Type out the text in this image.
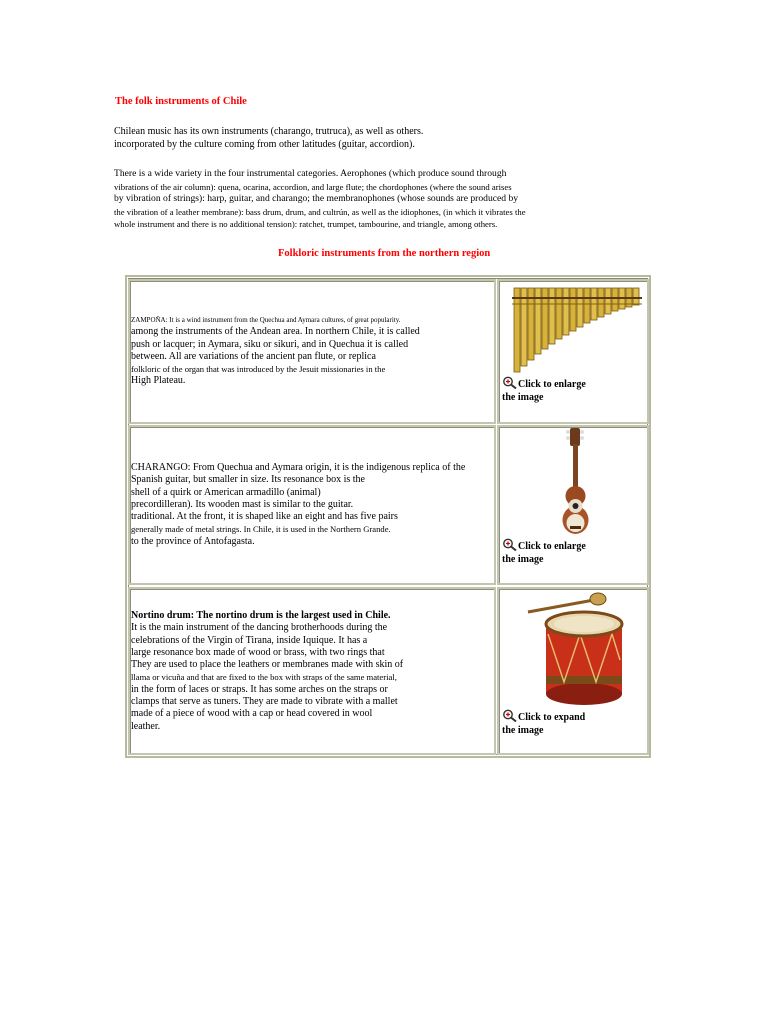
The folk instruments of Chile

Chilean music has its own instruments (charango, trutruca), as well as others.
incorporated by the culture coming from other latitudes (guitar, accordion).

There is a wide variety in the four instrumental categories. Aerophones (which produce sound through
vibrations of the air column): quena, ocarina, accordion, and large flute; the chordophones (where the sound arises
by vibration of strings): harp, guitar, and charango; the membranophones (whose sounds are produced by
the vibration of a leather membrane): bass drum, drum, and cultrún, as well as the idiophones, (in which it vibrates the
whole instrument and there is no additional tension): ratchet, trumpet, tambourine, and triangle, among others.

Folkloric instruments from the northern region

ZAMPOÑA: It is a wind instrument from the Quechua and Aymara cultures, of great popularity.
among the instruments of the Andean area. In northern Chile, it is called
push or lacquer; in Aymara, siku or sikuri, and in Quechua it is called
between. All are variations of the ancient pan flute, or replica
folkloric of the organ that was introduced by the Jesuit missionaries in the
High Plateau.	Click to enlarge
the image

CHARANGO: From Quechua and Aymara origin, it is the indigenous replica of the
Spanish guitar, but smaller in size. Its resonance box is the
shell of a quirk or American armadillo (animal)
precordilleran). Its wooden mast is similar to the guitar.
traditional. At the front, it is shaped like an eight and has five pairs
generally made of metal strings. In Chile, it is used in the Northern Grande.
to the province of Antofagasta.	Click to enlarge
the image

Nortino drum: The nortino drum is the largest used in Chile.
It is the main instrument of the dancing brotherhoods during the
celebrations of the Virgin of Tirana, inside Iquique. It has a
large resonance box made of wood or brass, with two rings that
They are used to place the leathers or membranes made with skin of
llama or vicuña and that are fixed to the box with straps of the same material,
in the form of laces or straps. It has some arches on the straps or
clamps that serve as tuners. They are made to vibrate with a mallet
made of a piece of wood with a cap or head covered in wool
leather.

Click to expand
the image
